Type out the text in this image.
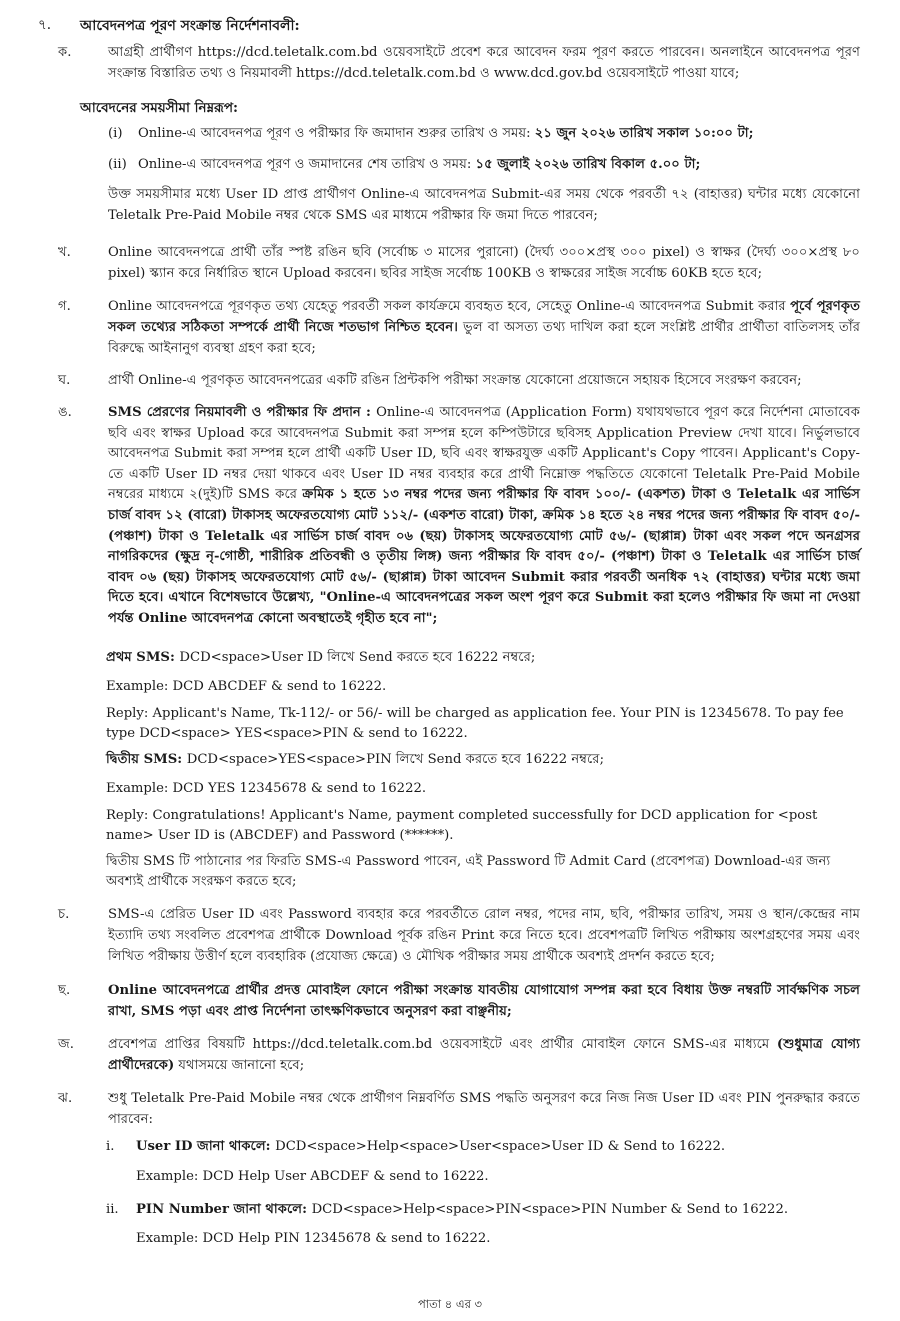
৭. আবেদনপত্র পূরণ সংক্রান্ত নির্দেশনাবলী:
ক.	আগ্রহী প্রার্থীগণ https://dcd.teletalk.com.bd ওয়েবসাইটে প্রবেশ করে আবেদন ফরম পূরণ করতে পারবেন। অনলাইনে আবেদনপত্র পূরণ সংক্রান্ত বিস্তারিত তথ্য ও নিয়মাবলী https://dcd.teletalk.com.bd ও www.dcd.gov.bd ওয়েবসাইটে পাওয়া যাবে;
আবেদনের সময়সীমা নিম্নরূপ:
(i) Online-এ আবেদনপত্র পূরণ ও পরীক্ষার ফি জমাদান শুরুর তারিখ ও সময়: ২১ জুন ২০২৬ তারিখ সকাল ১০:০০ টা;
(ii) Online-এ আবেদনপত্র পূরণ ও জমাদানের শেষ তারিখ ও সময়: ১৫ জুলাই ২০২৬ তারিখ বিকাল ৫.০০ টা;
উক্ত সময়সীমার মধ্যে User ID প্রাপ্ত প্রার্থীগণ Online-এ আবেদনপত্র Submit-এর সময় থেকে পরবর্তী ৭২ (বাহাত্তর) ঘন্টার মধ্যে যেকোনো Teletalk Pre-Paid Mobile নম্বর থেকে SMS এর মাধ্যমে পরীক্ষার ফি জমা দিতে পারবেন;
খ.	Online আবেদনপত্রে প্রার্থী তাঁর স্পষ্ট রঙিন ছবি (সর্বোচ্চ ৩ মাসের পুরানো) (দৈর্ঘ্য ৩০০×প্রস্থ ৩০০ pixel) ও স্বাক্ষর (দৈর্ঘ্য ৩০০×প্রস্থ ৮০ pixel) স্ক্যান করে নির্ধারিত স্থানে Upload করবেন। ছবির সাইজ সর্বোচ্চ 100KB ও স্বাক্ষরের সাইজ সর্বোচ্চ 60KB হতে হবে;
গ.	Online আবেদনপত্রে পূরণকৃত তথ্য যেহেতু পরবর্তী সকল কার্যক্রমে ব্যবহৃত হবে, সেহেতু Online-এ আবেদনপত্র Submit করার পূর্বে পূরণকৃত সকল তথ্যের সঠিকতা সম্পর্কে প্রার্থী নিজে শতভাগ নিশ্চিত হবেন। ভুল বা অসত্য তথ্য দাখিল করা হলে সংশ্লিষ্ট প্রার্থীর প্রার্থীতা বাতিলসহ তাঁর বিরুদ্ধে আইনানুগ ব্যবস্থা গ্রহণ করা হবে;
ঘ.	প্রার্থী Online-এ পূরণকৃত আবেদনপত্রের একটি রঙিন প্রিন্টকপি পরীক্ষা সংক্রান্ত যেকোনো প্রয়োজনে সহায়ক হিসেবে সংরক্ষণ করবেন;
ঙ.	SMS প্রেরণের নিয়মাবলী ও পরীক্ষার ফি প্রদান : Online-এ আবেদনপত্র (Application Form) যথাযথভাবে পূরণ করে নির্দেশনা মোতাবেক ছবি এবং স্বাক্ষর Upload করে আবেদনপত্র Submit করা সম্পন্ন হলে কম্পিউটারে ছবিসহ Application Preview দেখা যাবে। নির্ভুলভাবে আবেদনপত্র Submit করা সম্পন্ন হলে প্রার্থী একটি User ID, ছবি এবং স্বাক্ষরযুক্ত একটি Applicant's Copy পাবেন। Applicant's Copy-তে একটি User ID নম্বর দেয়া থাকবে এবং User ID নম্বর ব্যবহার করে প্রার্থী নিম্নোক্ত পদ্ধতিতে যেকোনো Teletalk Pre-Paid Mobile নম্বরের মাধ্যমে ২(দুই)টি SMS করে ক্রমিক ১ হতে ১৩ নম্বর পদের জন্য পরীক্ষার ফি বাবদ ১০০/- (একশত) টাকা ও Teletalk এর সার্ভিস চার্জ বাবদ ১২ (বারো) টাকাসহ অফেরতযোগ্য মোট ১১২/- (একশত বারো) টাকা, ক্রমিক ১৪ হতে ২৪ নম্বর পদের জন্য পরীক্ষার ফি বাবদ ৫০/- (পঞ্চাশ) টাকা ও Teletalk এর সার্ভিস চার্জ বাবদ ০৬ (ছয়) টাকাসহ অফেরতযোগ্য মোট ৫৬/- (ছাপ্পান্ন) টাকা এবং সকল পদে অনগ্রসর নাগরিকদের (ক্ষুদ্র নৃ-গোষ্ঠী, শারীরিক প্রতিবন্ধী ও তৃতীয় লিঙ্গ) জন্য পরীক্ষার ফি বাবদ ৫০/- (পঞ্চাশ) টাকা ও Teletalk এর সার্ভিস চার্জ বাবদ ০৬ (ছয়) টাকাসহ অফেরতযোগ্য মোট ৫৬/- (ছাপ্পান্ন) টাকা আবেদন Submit করার পরবর্তী অনধিক ৭২ (বাহাত্তর) ঘন্টার মধ্যে জমা দিতে হবে। এখানে বিশেষভাবে উল্লেখ্য, "Online-এ আবেদনপত্রের সকল অংশ পূরণ করে Submit করা হলেও পরীক্ষার ফি জমা না দেওয়া পর্যন্ত Online আবেদনপত্র কোনো অবস্থাতেই গৃহীত হবে না";
প্রথম SMS: DCD<space>User ID লিখে Send করতে হবে 16222 নম্বরে;
Example: DCD ABCDEF & send to 16222.
Reply: Applicant's Name, Tk-112/- or 56/- will be charged as application fee. Your PIN is 12345678. To pay fee type DCD<space> YES<space>PIN & send to 16222.
দ্বিতীয় SMS: DCD<space>YES<space>PIN লিখে Send করতে হবে 16222 নম্বরে;
Example: DCD YES 12345678 & send to 16222.
Reply: Congratulations! Applicant's Name, payment completed successfully for DCD application for <post name> User ID is (ABCDEF) and Password (******).
দ্বিতীয় SMS টি পাঠানোর পর ফিরতি SMS-এ Password পাবেন, এই Password টি Admit Card (প্রবেশপত্র) Download-এর জন্য অবশ্যই প্রার্থীকে সংরক্ষণ করতে হবে;
চ.	SMS-এ প্রেরিত User ID এবং Password ব্যবহার করে পরবর্তীতে রোল নম্বর, পদের নাম, ছবি, পরীক্ষার তারিখ, সময় ও স্থান/কেন্দ্রের নাম ইত্যাদি তথ্য সংবলিত প্রবেশপত্র প্রার্থীকে Download পূর্বক রঙিন Print করে নিতে হবে। প্রবেশপত্রটি লিখিত পরীক্ষায় অংশগ্রহণের সময় এবং লিখিত পরীক্ষায় উত্তীর্ণ হলে ব্যবহারিক (প্রযোজ্য ক্ষেত্রে) ও মৌখিক পরীক্ষার সময় প্রার্থীকে অবশ্যই প্রদর্শন করতে হবে;
ছ.	Online আবেদনপত্রে প্রার্থীর প্রদত্ত মোবাইল ফোনে পরীক্ষা সংক্রান্ত যাবতীয় যোগাযোগ সম্পন্ন করা হবে বিধায় উক্ত নম্বরটি সার্বক্ষণিক সচল রাখা, SMS পড়া এবং প্রাপ্ত নির্দেশনা তাৎক্ষণিকভাবে অনুসরণ করা বাঞ্ছনীয়;
জ.	প্রবেশপত্র প্রাপ্তির বিষয়টি https://dcd.teletalk.com.bd ওয়েবসাইটে এবং প্রার্থীর মোবাইল ফোনে SMS-এর মাধ্যমে (শুধুমাত্র যোগ্য প্রার্থীদেরকে) যথাসময়ে জানানো হবে;
ঝ.	শুধু Teletalk Pre-Paid Mobile নম্বর থেকে প্রার্থীগণ নিম্নবর্ণিত SMS পদ্ধতি অনুসরণ করে নিজ নিজ User ID এবং PIN পুনরুদ্ধার করতে পারবেন:
i. User ID জানা থাকলে: DCD<space>Help<space>User<space>User ID & Send to 16222.
Example: DCD Help User ABCDEF & send to 16222.
ii. PIN Number জানা থাকলে: DCD<space>Help<space>PIN<space>PIN Number & Send to 16222.
Example: DCD Help PIN 12345678 & send to 16222.
পাতা ৪ এর ৩
